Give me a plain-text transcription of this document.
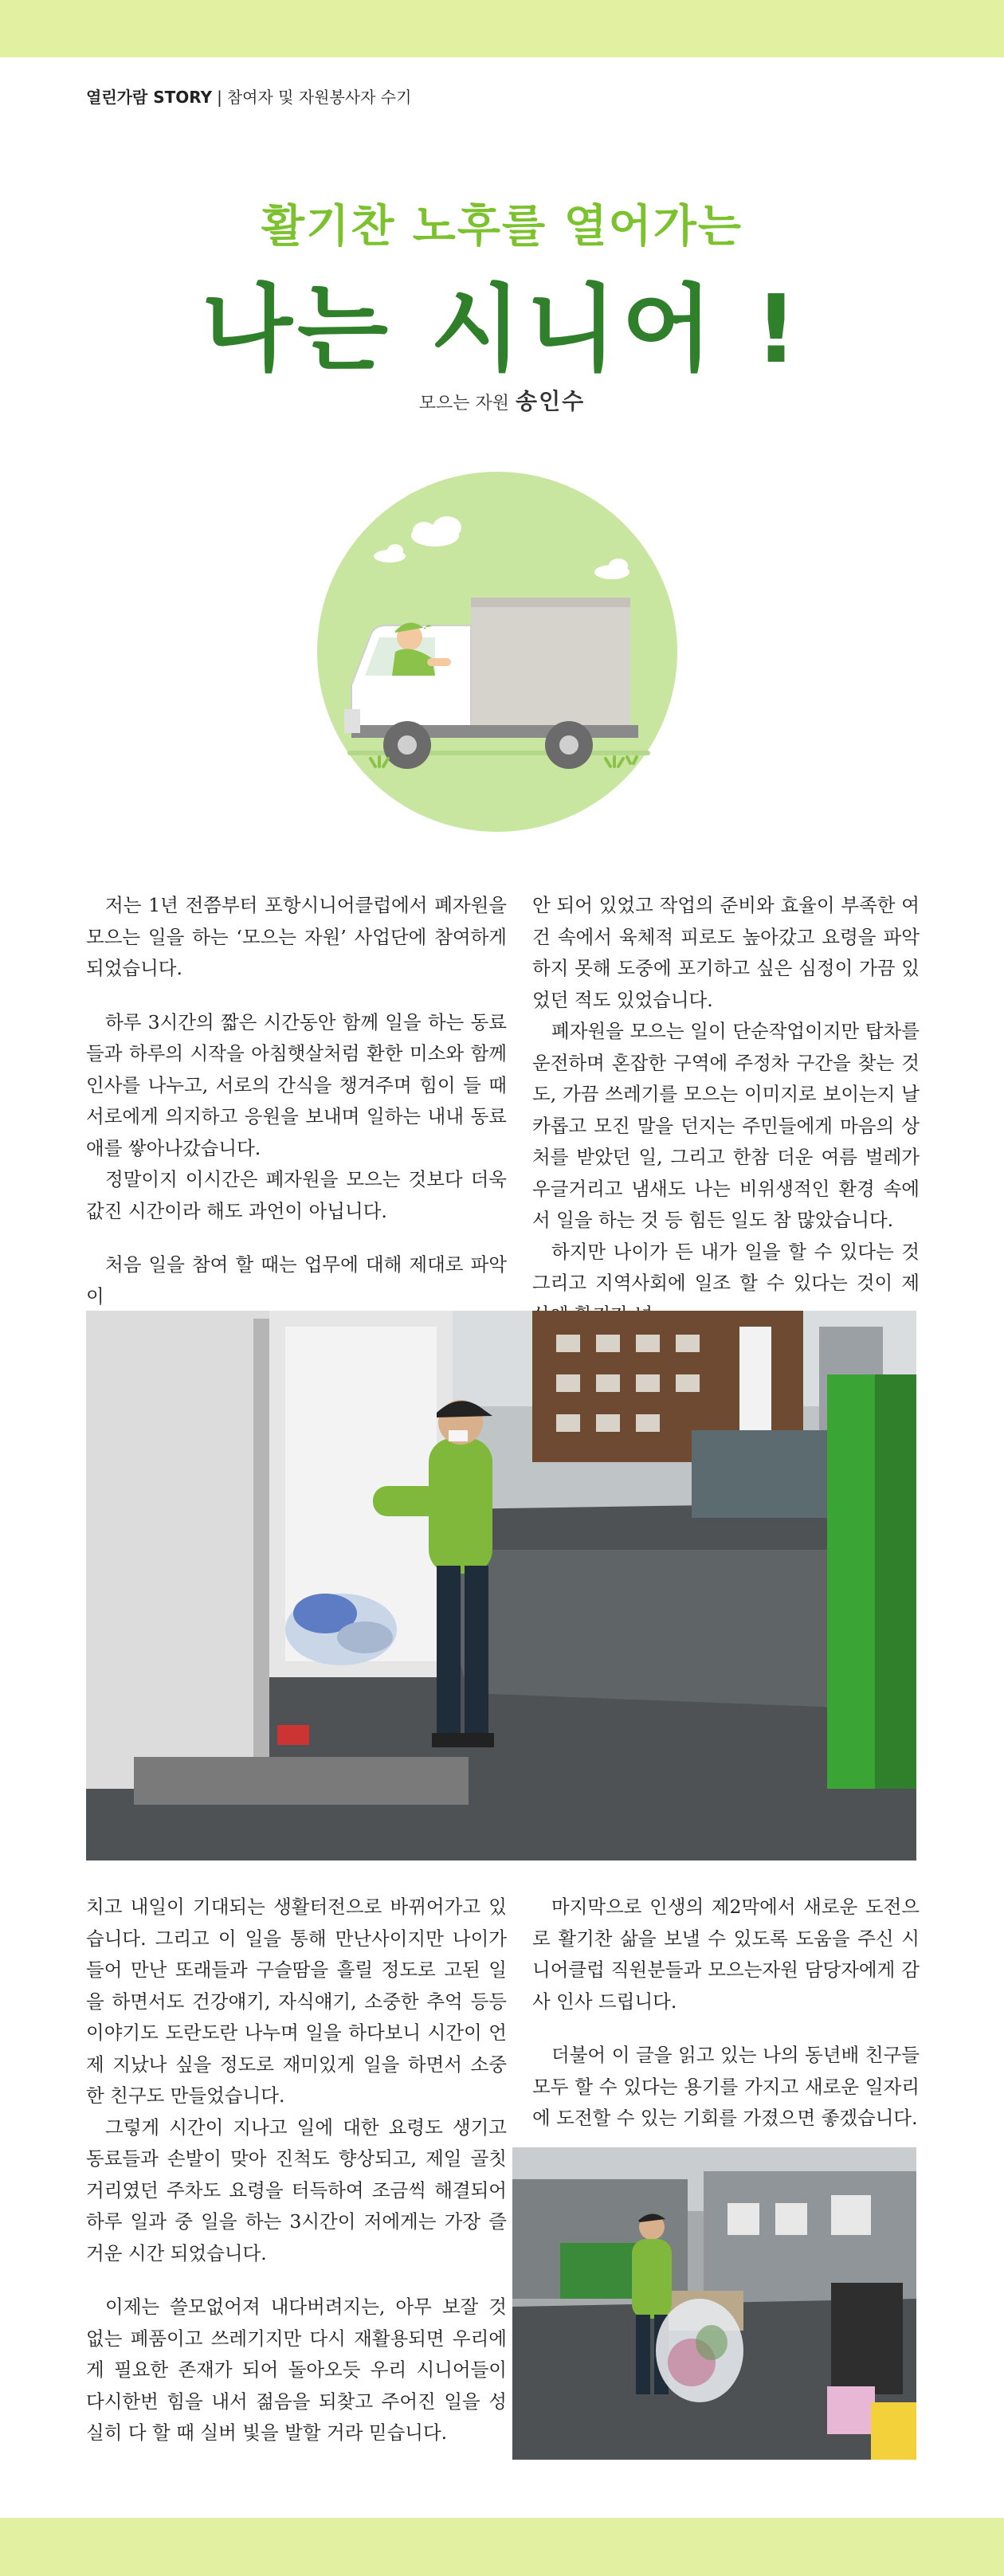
열린가람 STORY | 참여자 및 자원봉사자 수기
활기찬 노후를 열어가는
나는 시니어 !
모으는 자원 송인수

저는 1년 전쯤부터 포항시니어클럽에서 폐자원을 모으는 일을 하는 ‘모으는 자원’ 사업단에 참여하게 되었습니다.

하루 3시간의 짧은 시간동안 함께 일을 하는 동료들과 하루의 시작을 아침햇살처럼 환한 미소와 함께 인사를 나누고, 서로의 간식을 챙겨주며 힘이 들 때 서로에게 의지하고 응원을 보내며 일하는 내내 동료애를 쌓아나갔습니다.

정말이지 이시간은 폐자원을 모으는 것보다 더욱 값진 시간이라 해도 과언이 아닙니다.

처음 일을 참여 할 때는 업무에 대해 제대로 파악이

안 되어 있었고 작업의 준비와 효율이 부족한 여건 속에서 육체적 피로도 높아갔고 요령을 파악하지 못해 도중에 포기하고 싶은 심정이 가끔 있었던 적도 있었습니다.

폐자원을 모으는 일이 단순작업이지만 탑차를 운전하며 혼잡한 구역에 주정차 구간을 찾는 것도, 가끔 쓰레기를 모으는 이미지로 보이는지 날카롭고 모진 말을 던지는 주민들에게 마음의 상처를 받았던 일, 그리고 한참 더운 여름 벌레가 우글거리고 냄새도 나는 비위생적인 환경 속에서 일을 하는 것 등 힘든 일도 참 많았습니다.

하지만 나이가 든 내가 일을 할 수 있다는 것 그리고 지역사회에 일조 할 수 있다는 것이 제

치고 내일이 기대되는 생활터전으로 바뀌어가고 있습니다. 그리고 이 일을 통해 만난사이지만 나이가 들어 만난 또래들과 구슬땀을 흘릴 정도로 고된 일을 하면서도 건강얘기, 자식얘기, 소중한 추억 등등 이야기도 도란도란 나누며 일을 하다보니 시간이 언제 지났나 싶을 정도로 재미있게 일을 하면서 소중한 친구도 만들었습니다.

그렇게 시간이 지나고 일에 대한 요령도 생기고 동료들과 손발이 맞아 진척도 향상되고, 제일 골칫거리였던 주차도 요령을 터득하여 조금씩 해결되어 하루 일과 중 일을 하는 3시간이 저에게는 가장 즐거운 시간 되었습니다.

이제는 쓸모없어져 내다버려지는, 아무 보잘 것 없는 폐품이고 쓰레기지만 다시 재활용되면 우리에게 필요한 존재가 되어 돌아오듯 우리 시니어들이 다시한번 힘을 내서 젊음을 되찾고 주어진 일을 성실히 다 할 때 실버 빛을 발할 거라 믿습니다.

마지막으로 인생의 제2막에서 새로운 도전으로 활기찬 삶을 보낼 수 있도록 도움을 주신 시니어클럽 직원분들과 모으는자원 담당자에게 감사 인사 드립니다.

더불어 이 글을 읽고 있는 나의 동년배 친구들 모두 할 수 있다는 용기를 가지고 새로운 일자리에 도전할 수 있는 기회를 가졌으면 좋겠습니다.
